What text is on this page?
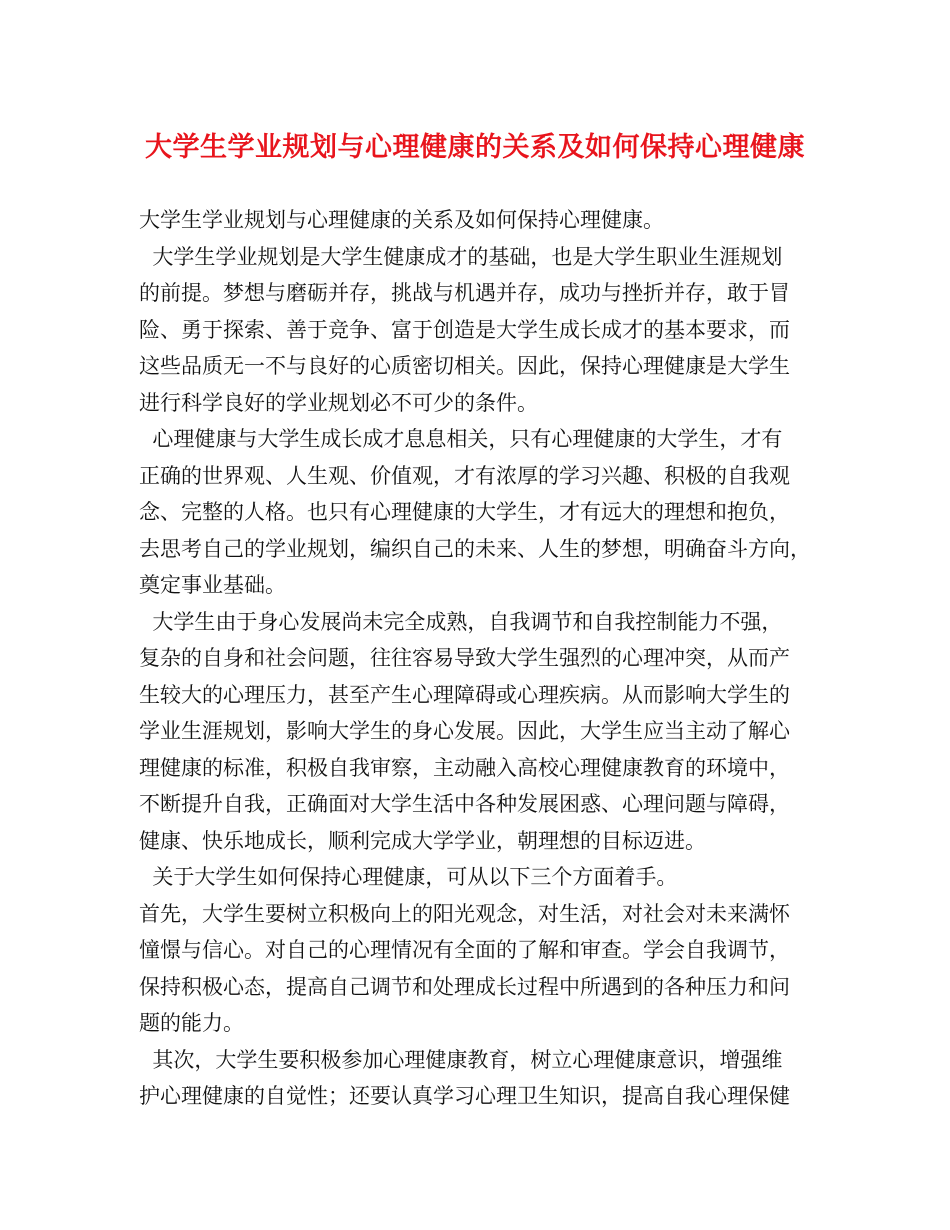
大学生学业规划与心理健康的关系及如何保持心理健康
大学生学业规划与心理健康的关系及如何保持心理健康。
大学生学业规划是大学生健康成才的基础，也是大学生职业生涯规划
的前提。梦想与磨砺并存，挑战与机遇并存，成功与挫折并存，敢于冒
险、勇于探索、善于竞争、富于创造是大学生成长成才的基本要求，而
这些品质无一不与良好的心质密切相关。因此，保持心理健康是大学生
进行科学良好的学业规划必不可少的条件。
心理健康与大学生成长成才息息相关，只有心理健康的大学生，才有
正确的世界观、人生观、价值观，才有浓厚的学习兴趣、积极的自我观
念、完整的人格。也只有心理健康的大学生，才有远大的理想和抱负，
去思考自己的学业规划，编织自己的未来、人生的梦想，明确奋斗方向，
奠定事业基础。
大学生由于身心发展尚未完全成熟，自我调节和自我控制能力不强，
复杂的自身和社会问题，往往容易导致大学生强烈的心理冲突，从而产
生较大的心理压力，甚至产生心理障碍或心理疾病。从而影响大学生的
学业生涯规划，影响大学生的身心发展。因此，大学生应当主动了解心
理健康的标准，积极自我审察，主动融入高校心理健康教育的环境中，
不断提升自我，正确面对大学生活中各种发展困惑、心理问题与障碍，
健康、快乐地成长，顺利完成大学学业，朝理想的目标迈进。
关于大学生如何保持心理健康，可从以下三个方面着手。
首先，大学生要树立积极向上的阳光观念，对生活，对社会对未来满怀
憧憬与信心。对自己的心理情况有全面的了解和审查。学会自我调节，
保持积极心态，提高自己调节和处理成长过程中所遇到的各种压力和问
题的能力。
其次，大学生要积极参加心理健康教育，树立心理健康意识，增强维
护心理健康的自觉性；还要认真学习心理卫生知识，提高自我心理保健
